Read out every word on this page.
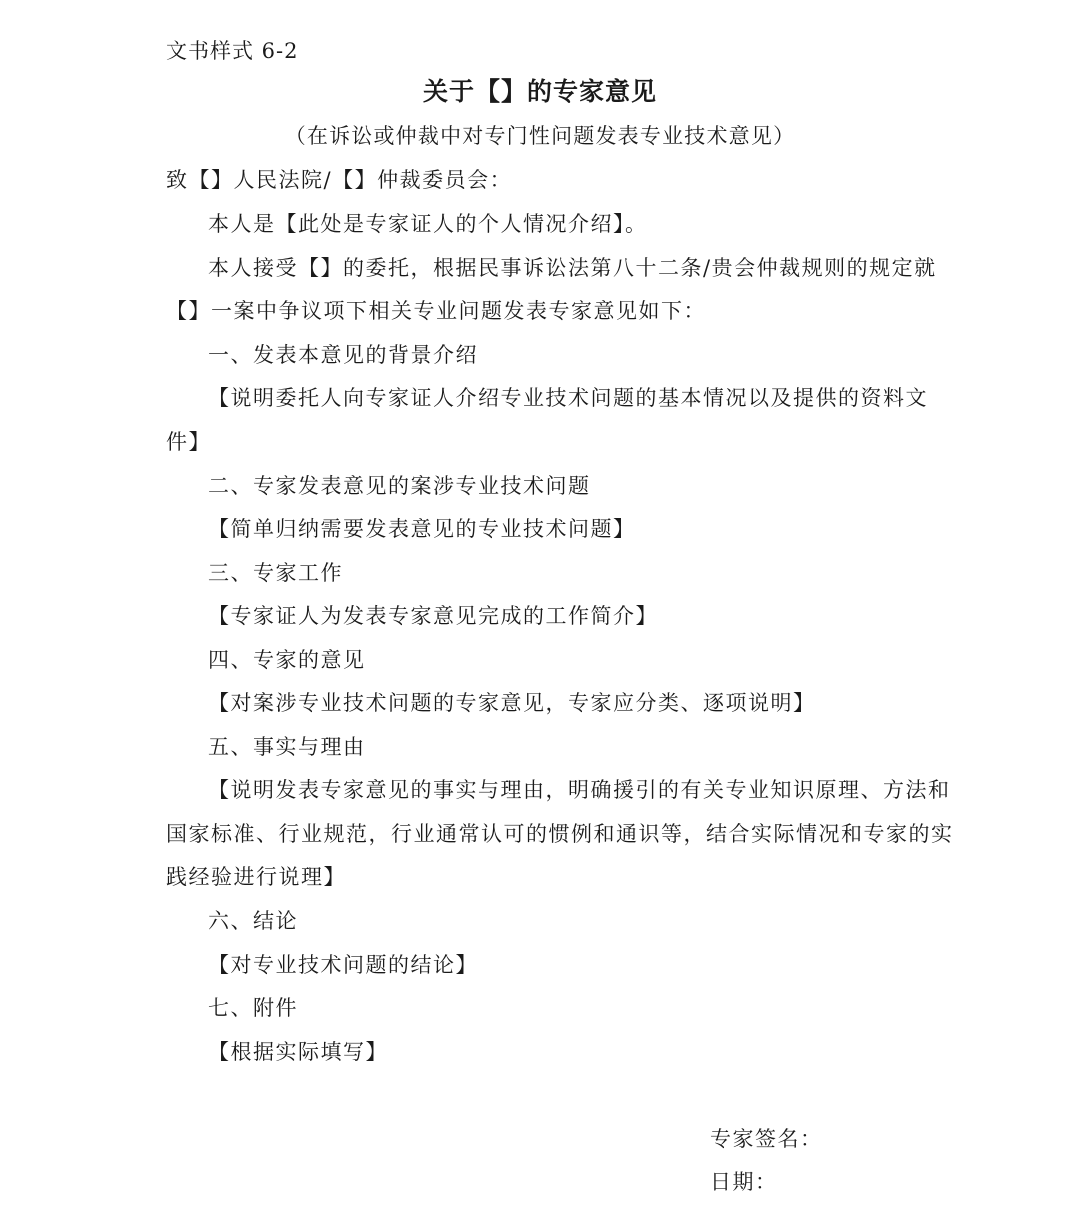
文书样式 6-2
关于【】的专家意见
（在诉讼或仲裁中对专门性问题发表专业技术意见）
致【】人民法院/【】仲裁委员会：
本人是【此处是专家证人的个人情况介绍】。
本人接受【】的委托，根据民事诉讼法第八十二条/贵会仲裁规则的规定就
【】一案中争议项下相关专业问题发表专家意见如下：
一、发表本意见的背景介绍
【说明委托人向专家证人介绍专业技术问题的基本情况以及提供的资料文
件】
二、专家发表意见的案涉专业技术问题
【简单归纳需要发表意见的专业技术问题】
三、专家工作
【专家证人为发表专家意见完成的工作简介】
四、专家的意见
【对案涉专业技术问题的专家意见，专家应分类、逐项说明】
五、事实与理由
【说明发表专家意见的事实与理由，明确援引的有关专业知识原理、方法和
国家标准、行业规范，行业通常认可的惯例和通识等，结合实际情况和专家的实
践经验进行说理】
六、结论
【对专业技术问题的结论】
七、附件
【根据实际填写】
专家签名：
日期：
